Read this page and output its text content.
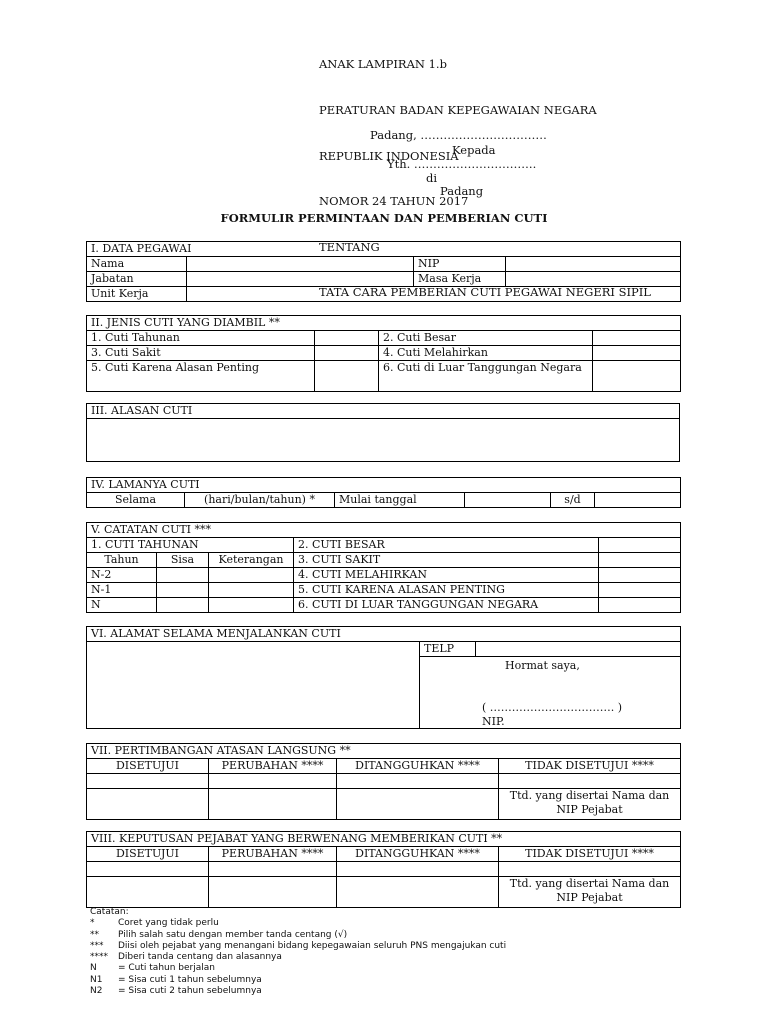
ANAK LAMPIRAN 1.b

PERATURAN BADAN KEPEGAWAIAN NEGARA

REPUBLIK INDONESIA

NOMOR 24 TAHUN 2017

TENTANG

TATA CARA PEMBERIAN CUTI PEGAWAI NEGERI SIPIL

Padang, ……………………………
Kepada
Yth. …………………………..
di
Padang
FORMULIR PERMINTAAN DAN PEMBERIAN CUTI
I. DATA PEGAWAI			
Nama		NIP	
Jabatan		Masa Kerja	
Unit Kerja			
II. JENIS CUTI YANG DIAMBIL **			
1. Cuti Tahunan		2. Cuti Besar	
3. Cuti Sakit		4. Cuti Melahirkan	
5. Cuti Karena Alasan Penting		6. Cuti di Luar Tanggungan Negara	
III. ALASAN CUTI

IV. LAMANYA CUTI
Selama	(hari/bulan/tahun) *	Mulai tanggal		s/d	
V. CATATAN CUTI ***				
1. CUTI TAHUNAN			2. CUTI BESAR	
Tahun	Sisa	Keterangan	3. CUTI SAKIT	
N-2			4. CUTI MELAHIRKAN	
N-1			5. CUTI KARENA ALASAN PENTING	
N			6. CUTI DI LUAR TANGGUNGAN NEGARA	
VI. ALAMAT SELAMA MENJALANKAN CUTI
	TELP	

Hormat saya,
( ……………………………. )
NIP.
VII. PERTIMBANGAN ATASAN LANGSUNG **			
DISETUJUI	PERUBAHAN ****	DITANGGUHKAN ****	TIDAK DISETUJUI ****

			Ttd. yang disertai Nama dan NIP Pejabat
VIII. KEPUTUSAN PEJABAT YANG BERWENANG MEMBERIKAN CUTI **			
DISETUJUI	PERUBAHAN ****	DITANGGUHKAN ****	TIDAK DISETUJUI ****

			Ttd. yang disertai Nama dan NIP Pejabat
Catatan:
*	Coret yang tidak perlu
**	Pilih salah satu dengan member tanda centang (√)
***	Diisi oleh pejabat yang menangani bidang kepegawaian seluruh PNS mengajukan cuti
****	Diberi tanda centang dan alasannya
N	= Cuti tahun berjalan
N1	= Sisa cuti 1 tahun sebelumnya
N2	= Sisa cuti 2 tahun sebelumnya
